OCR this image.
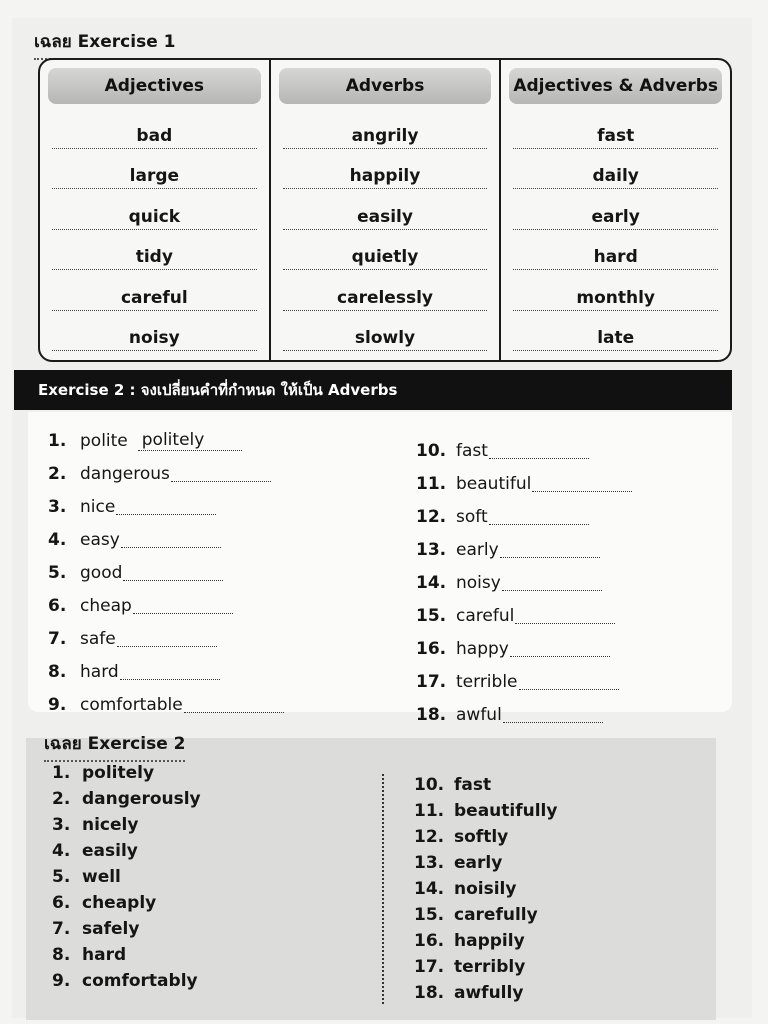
เฉลย Exercise 1
Adjectives
bad
large
quick
tidy
careful
noisy
Adverbs
angrily
happily
easily
quietly
carelessly
slowly
Adjectives & Adverbs
fast
daily
early
hard
monthly
late
Exercise 2 : จงเปลี่ยนคำที่กำหนด ให้เป็น Adverbs
1. polite politely
2. dangerous
3. nice
4. easy
5. good
6. cheap
7. safe
8. hard
9. comfortable
10. fast
11. beautiful
12. soft
13. early
14. noisy
15. careful
16. happy
17. terrible
18. awful
เฉลย Exercise 2
1. politely
2. dangerously
3. nicely
4. easily
5. well
6. cheaply
7. safely
8. hard
9. comfortably
10. fast
11. beautifully
12. softly
13. early
14. noisily
15. carefully
16. happily
17. terribly
18. awfully
